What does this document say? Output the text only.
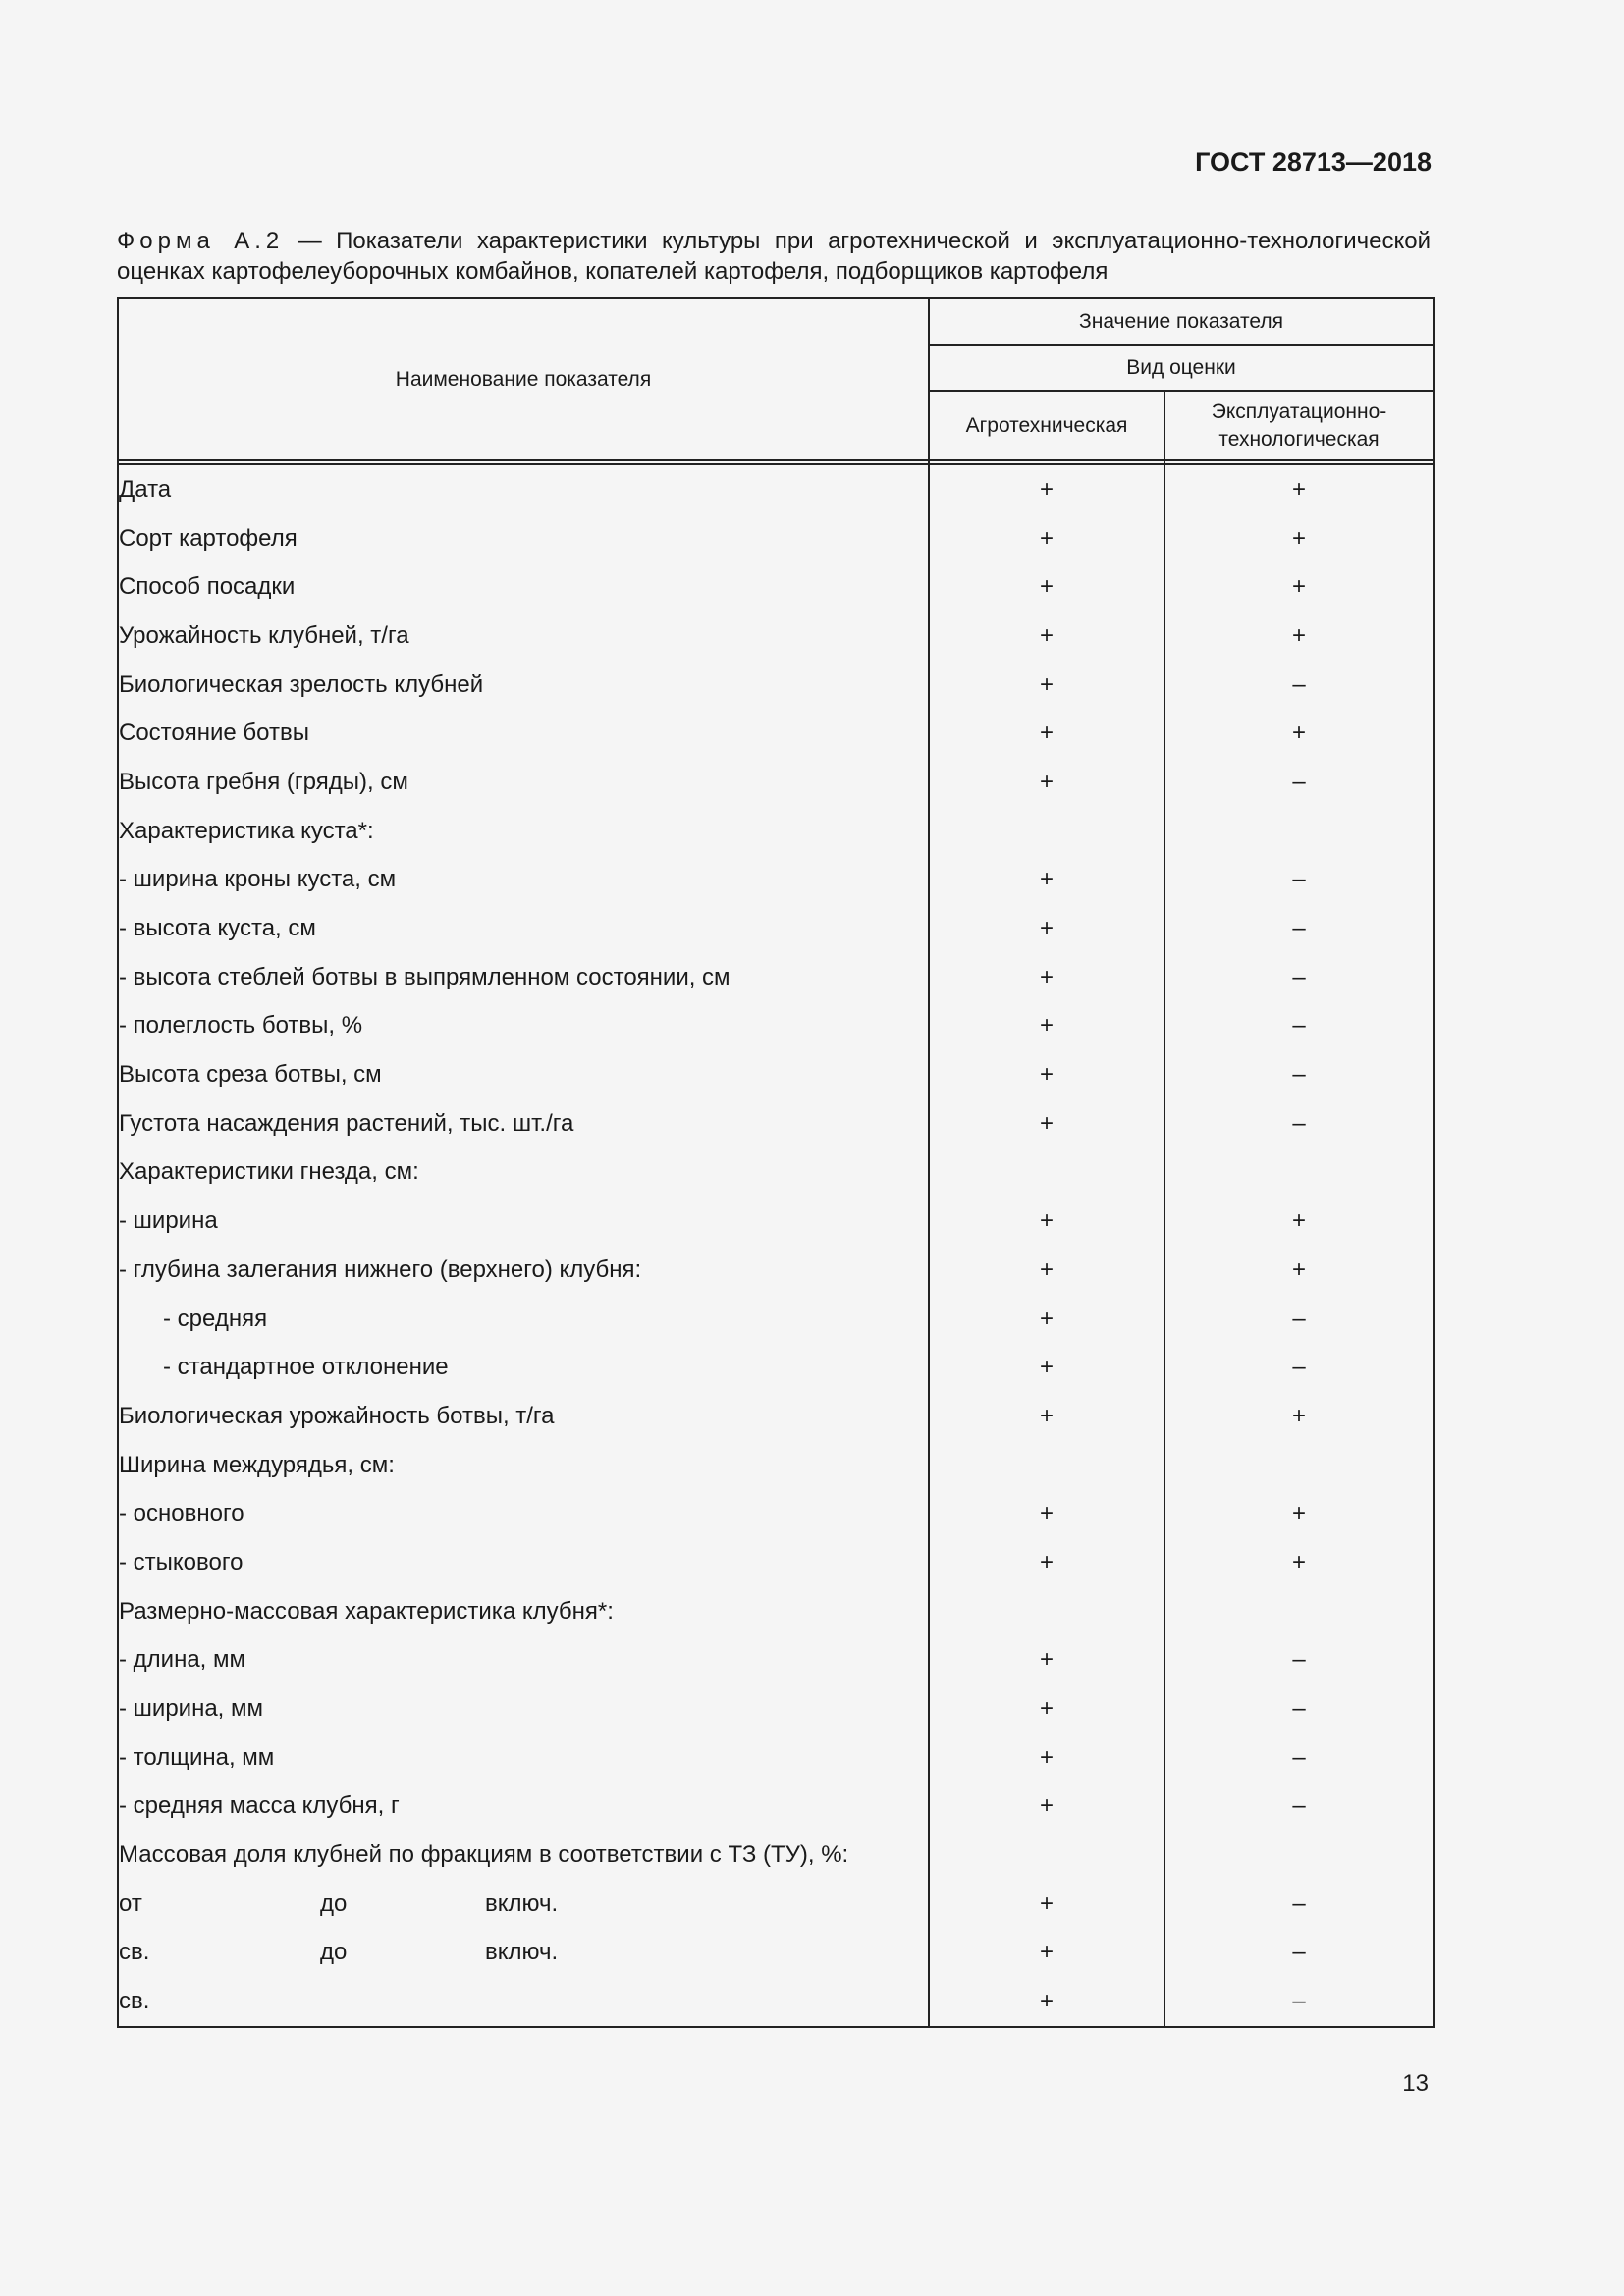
ГОСТ 28713—2018
Форма А.2 — Показатели характеристики культуры при агротехнической и эксплуатационно-технологической оценках картофелеуборочных комбайнов, копателей картофеля, подборщиков картофеля
Наименование показателя	Значение показателя	
	Вид оценки	
	Агротехническая	Эксплуатационно-технологическая

Дата	+	+
Сорт картофеля	+	+
Способ посадки	+	+
Урожайность клубней, т/га	+	+
Биологическая зрелость клубней	+	–
Состояние ботвы	+	+
Высота гребня (гряды), см	+	–
Характеристика куста*:		
- ширина кроны куста, см	+	–
- высота куста, см	+	–
- высота стеблей ботвы в выпрямленном состоянии, см	+	–
- полеглость ботвы, %	+	–
Высота среза ботвы, см	+	–
Густота насаждения растений, тыс. шт./га	+	–
Характеристики гнезда, см:		
- ширина	+	+
- глубина залегания нижнего (верхнего) клубня:	+	+
- средняя	+	–
- стандартное отклонение	+	–
Биологическая урожайность ботвы, т/га	+	+
Ширина междурядья, см:		
- основного	+	+
- стыкового	+	+
Размерно-массовая характеристика клубня*:		
- длина, мм	+	–
- ширина, мм	+	–
- толщина, мм	+	–
- средняя масса клубня, г	+	–
Массовая доля клубней по фракциям в соответствии с ТЗ (ТУ), %:		
от до включ.	+	–
св. до включ.	+	–
св.	+	–
13
